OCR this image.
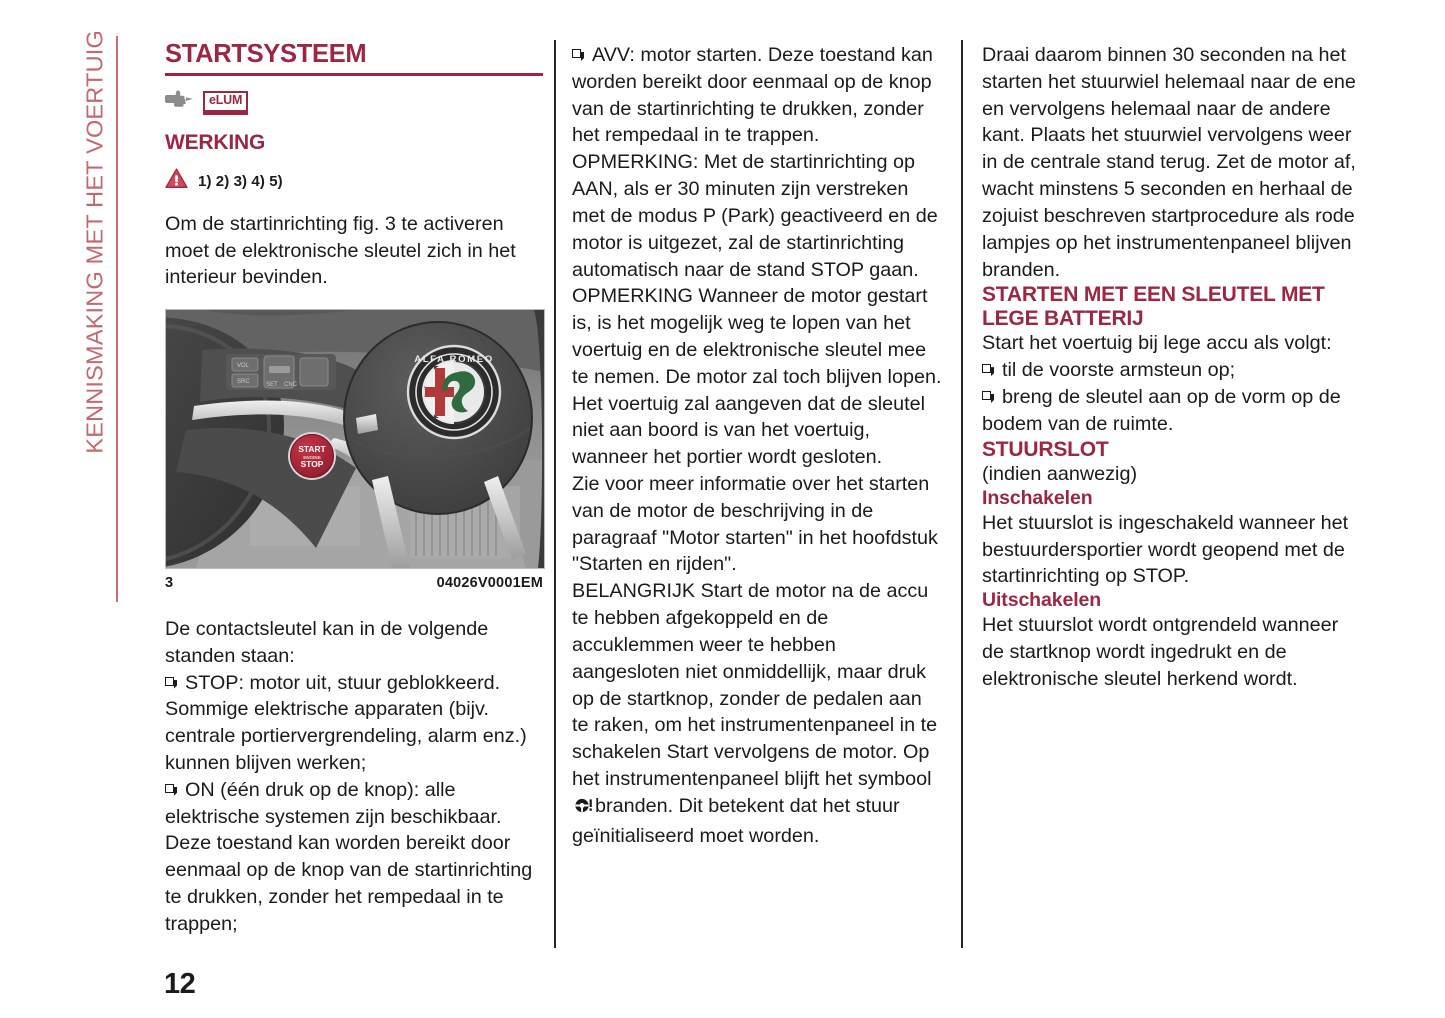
KENNISMAKING MET HET VOERTUIG STARTSYSTEEM
eLUM
WERKING
1) 2) 3) 4) 5)

Om de startinrichting fig. 3 te activeren moet de elektronische sleutel zich in het interieur bevinden.

VOL
SRC	SET CNC
START
ENGINE
STOP
ALFA ROMEO
3	04026V0001EM

De contactsleutel kan in de volgende standen staan:

STOP: motor uit, stuur geblokkeerd. Sommige elektrische apparaten (bijv. centrale portiervergrendeling, alarm enz.) kunnen blijven werken;

ON (één druk op de knop): alle elektrische systemen zijn beschikbaar. Deze toestand kan worden bereikt door eenmaal op de knop van de startinrichting te drukken, zonder het rempedaal in te trappen;

AVV: motor starten. Deze toestand kan worden bereikt door eenmaal op de knop van de startinrichting te drukken, zonder het rempedaal in te trappen.

OPMERKING: Met de startinrichting op AAN, als er 30 minuten zijn verstreken met de modus P (Park) geactiveerd en de motor is uitgezet, zal de startinrichting automatisch naar de stand STOP gaan.

OPMERKING Wanneer de motor gestart is, is het mogelijk weg te lopen van het voertuig en de elektronische sleutel mee te nemen. De motor zal toch blijven lopen. Het voertuig zal aangeven dat de sleutel niet aan boord is van het voertuig, wanneer het portier wordt gesloten.

Zie voor meer informatie over het starten van de motor de beschrijving in de paragraaf "Motor starten" in het hoofdstuk "Starten en rijden".

BELANGRIJK Start de motor na de accu te hebben afgekoppeld en de accuklemmen weer te hebben aangesloten niet onmiddellijk, maar druk op de startknop, zonder de pedalen aan te raken, om het instrumentenpaneel in te schakelen Start vervolgens de motor. Op het instrumentenpaneel blijft het symboolbranden. Dit betekent dat het stuur geïnitialiseerd moet worden.

Draai daarom binnen 30 seconden na het starten het stuurwiel helemaal naar de ene en vervolgens helemaal naar de andere kant. Plaats het stuurwiel vervolgens weer in de centrale stand terug. Zet de motor af, wacht minstens 5 seconden en herhaal de zojuist beschreven startprocedure als rode lampjes op het instrumentenpaneel blijven branden.

STARTEN MET EEN SLEUTEL MET LEGE BATTERIJ

Start het voertuig bij lege accu als volgt:

til de voorste armsteun op;

breng de sleutel aan op de vorm op de bodem van de ruimte.

STUURSLOT

(indien aanwezig)

Inschakelen

Het stuurslot is ingeschakeld wanneer het bestuurdersportier wordt geopend met de startinrichting op STOP.

Uitschakelen

Het stuurslot wordt ontgrendeld wanneer de startknop wordt ingedrukt en de elektronische sleutel herkend wordt.

12
